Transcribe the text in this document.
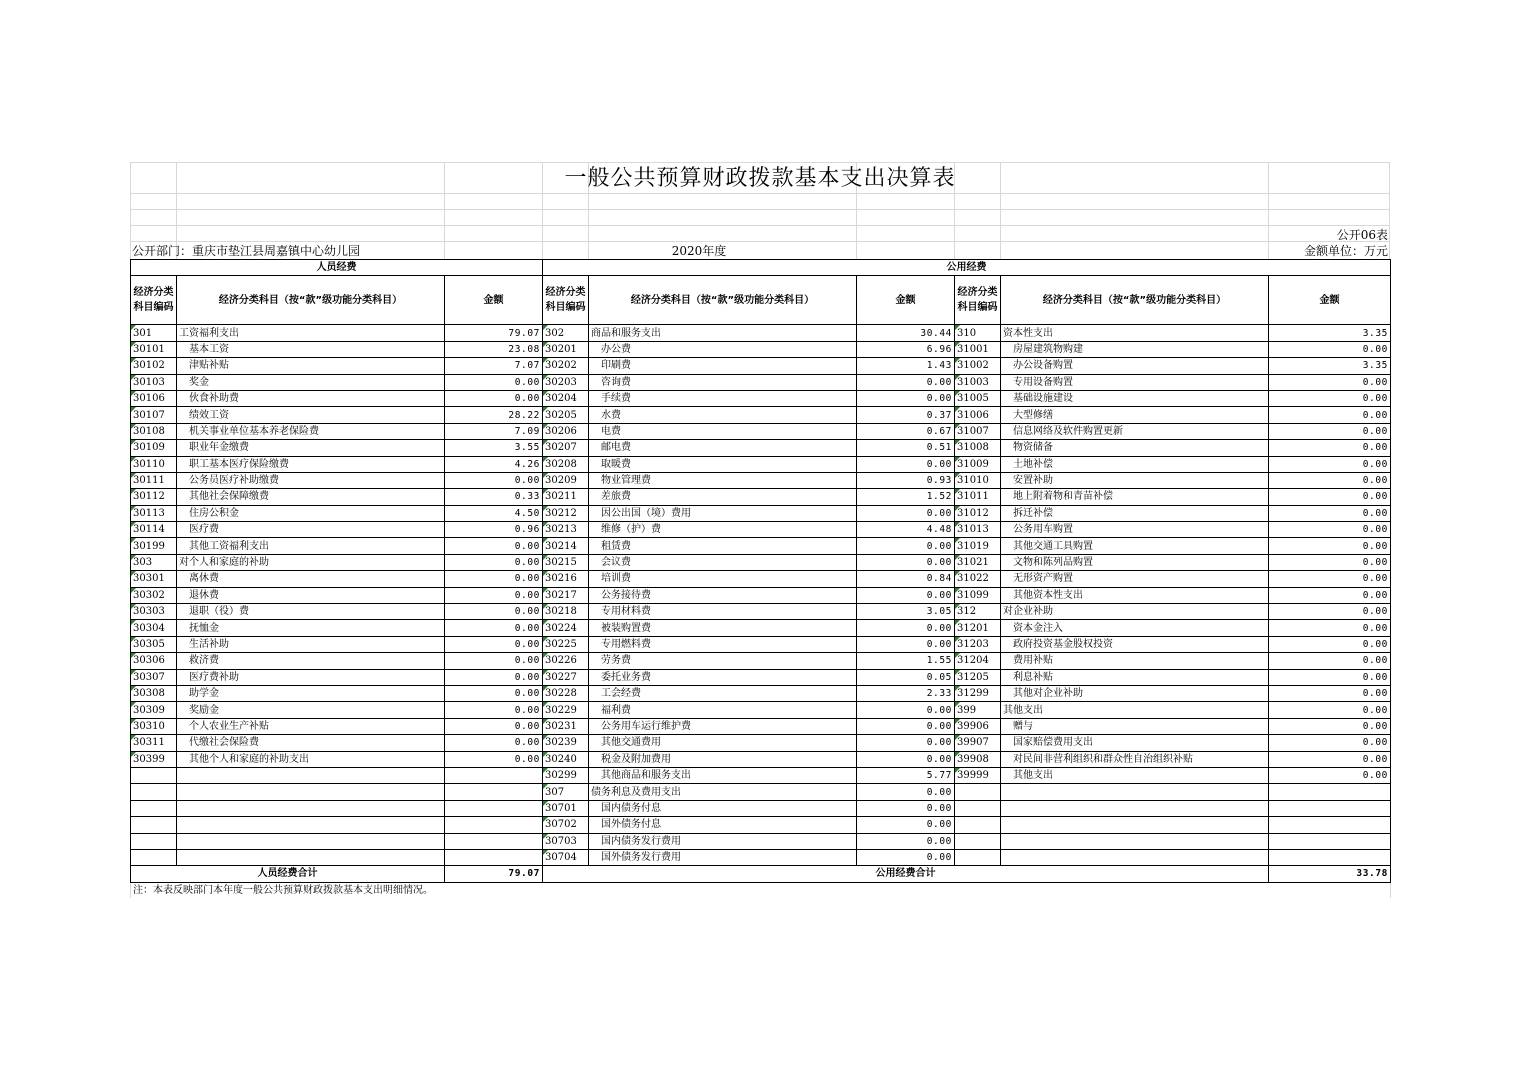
一般公共预算财政拨款基本支出决算表
公开06表
公开部门：重庆市垫江县周嘉镇中心幼儿园	2020年度	金额单位：万元
人员经费			公用经费					
经济分类科目编码	经济分类科目（按“款”级功能分类科目）	金额	经济分类科目编码	经济分类科目（按“款”级功能分类科目）	金额	经济分类科目编码	经济分类科目（按“款”级功能分类科目）	金额
301	工资福利支出	79.07	302	商品和服务支出	30.44	310	资本性支出	3.35
30101	基本工资	23.08	30201	办公费	6.96	31001	房屋建筑物购建	0.00
30102	津贴补贴	7.07	30202	印刷费	1.43	31002	办公设备购置	3.35
30103	奖金	0.00	30203	咨询费	0.00	31003	专用设备购置	0.00
30106	伙食补助费	0.00	30204	手续费	0.00	31005	基础设施建设	0.00
30107	绩效工资	28.22	30205	水费	0.37	31006	大型修缮	0.00
30108	机关事业单位基本养老保险费	7.09	30206	电费	0.67	31007	信息网络及软件购置更新	0.00
30109	职业年金缴费	3.55	30207	邮电费	0.51	31008	物资储备	0.00
30110	职工基本医疗保险缴费	4.26	30208	取暖费	0.00	31009	土地补偿	0.00
30111	公务员医疗补助缴费	0.00	30209	物业管理费	0.93	31010	安置补助	0.00
30112	其他社会保障缴费	0.33	30211	差旅费	1.52	31011	地上附着物和青苗补偿	0.00
30113	住房公积金	4.50	30212	因公出国（境）费用	0.00	31012	拆迁补偿	0.00
30114	医疗费	0.96	30213	维修（护）费	4.48	31013	公务用车购置	0.00
30199	其他工资福利支出	0.00	30214	租赁费	0.00	31019	其他交通工具购置	0.00
303	对个人和家庭的补助	0.00	30215	会议费	0.00	31021	文物和陈列品购置	0.00
30301	离休费	0.00	30216	培训费	0.84	31022	无形资产购置	0.00
30302	退休费	0.00	30217	公务接待费	0.00	31099	其他资本性支出	0.00
30303	退职（役）费	0.00	30218	专用材料费	3.05	312	对企业补助	0.00
30304	抚恤金	0.00	30224	被装购置费	0.00	31201	资本金注入	0.00
30305	生活补助	0.00	30225	专用燃料费	0.00	31203	政府投资基金股权投资	0.00
30306	救济费	0.00	30226	劳务费	1.55	31204	费用补贴	0.00
30307	医疗费补助	0.00	30227	委托业务费	0.05	31205	利息补贴	0.00
30308	助学金	0.00	30228	工会经费	2.33	31299	其他对企业补助	0.00
30309	奖励金	0.00	30229	福利费	0.00	399	其他支出	0.00
30310	个人农业生产补贴	0.00	30231	公务用车运行维护费	0.00	39906	赠与	0.00
30311	代缴社会保险费	0.00	30239	其他交通费用	0.00	39907	国家赔偿费用支出	0.00
30399	其他个人和家庭的补助支出	0.00	30240	税金及附加费用	0.00	39908	对民间非营利组织和群众性自治组织补贴	0.00
			30299	其他商品和服务支出	5.77	39999	其他支出	0.00
			307	债务利息及费用支出	0.00			
			30701	国内债务付息	0.00			
			30702	国外债务付息	0.00			
			30703	国内债务发行费用	0.00			
			30704	国外债务发行费用	0.00			
人员经费合计		79.07	公用经费合计					33.78
注：本表反映部门本年度一般公共预算财政拨款基本支出明细情况。								
